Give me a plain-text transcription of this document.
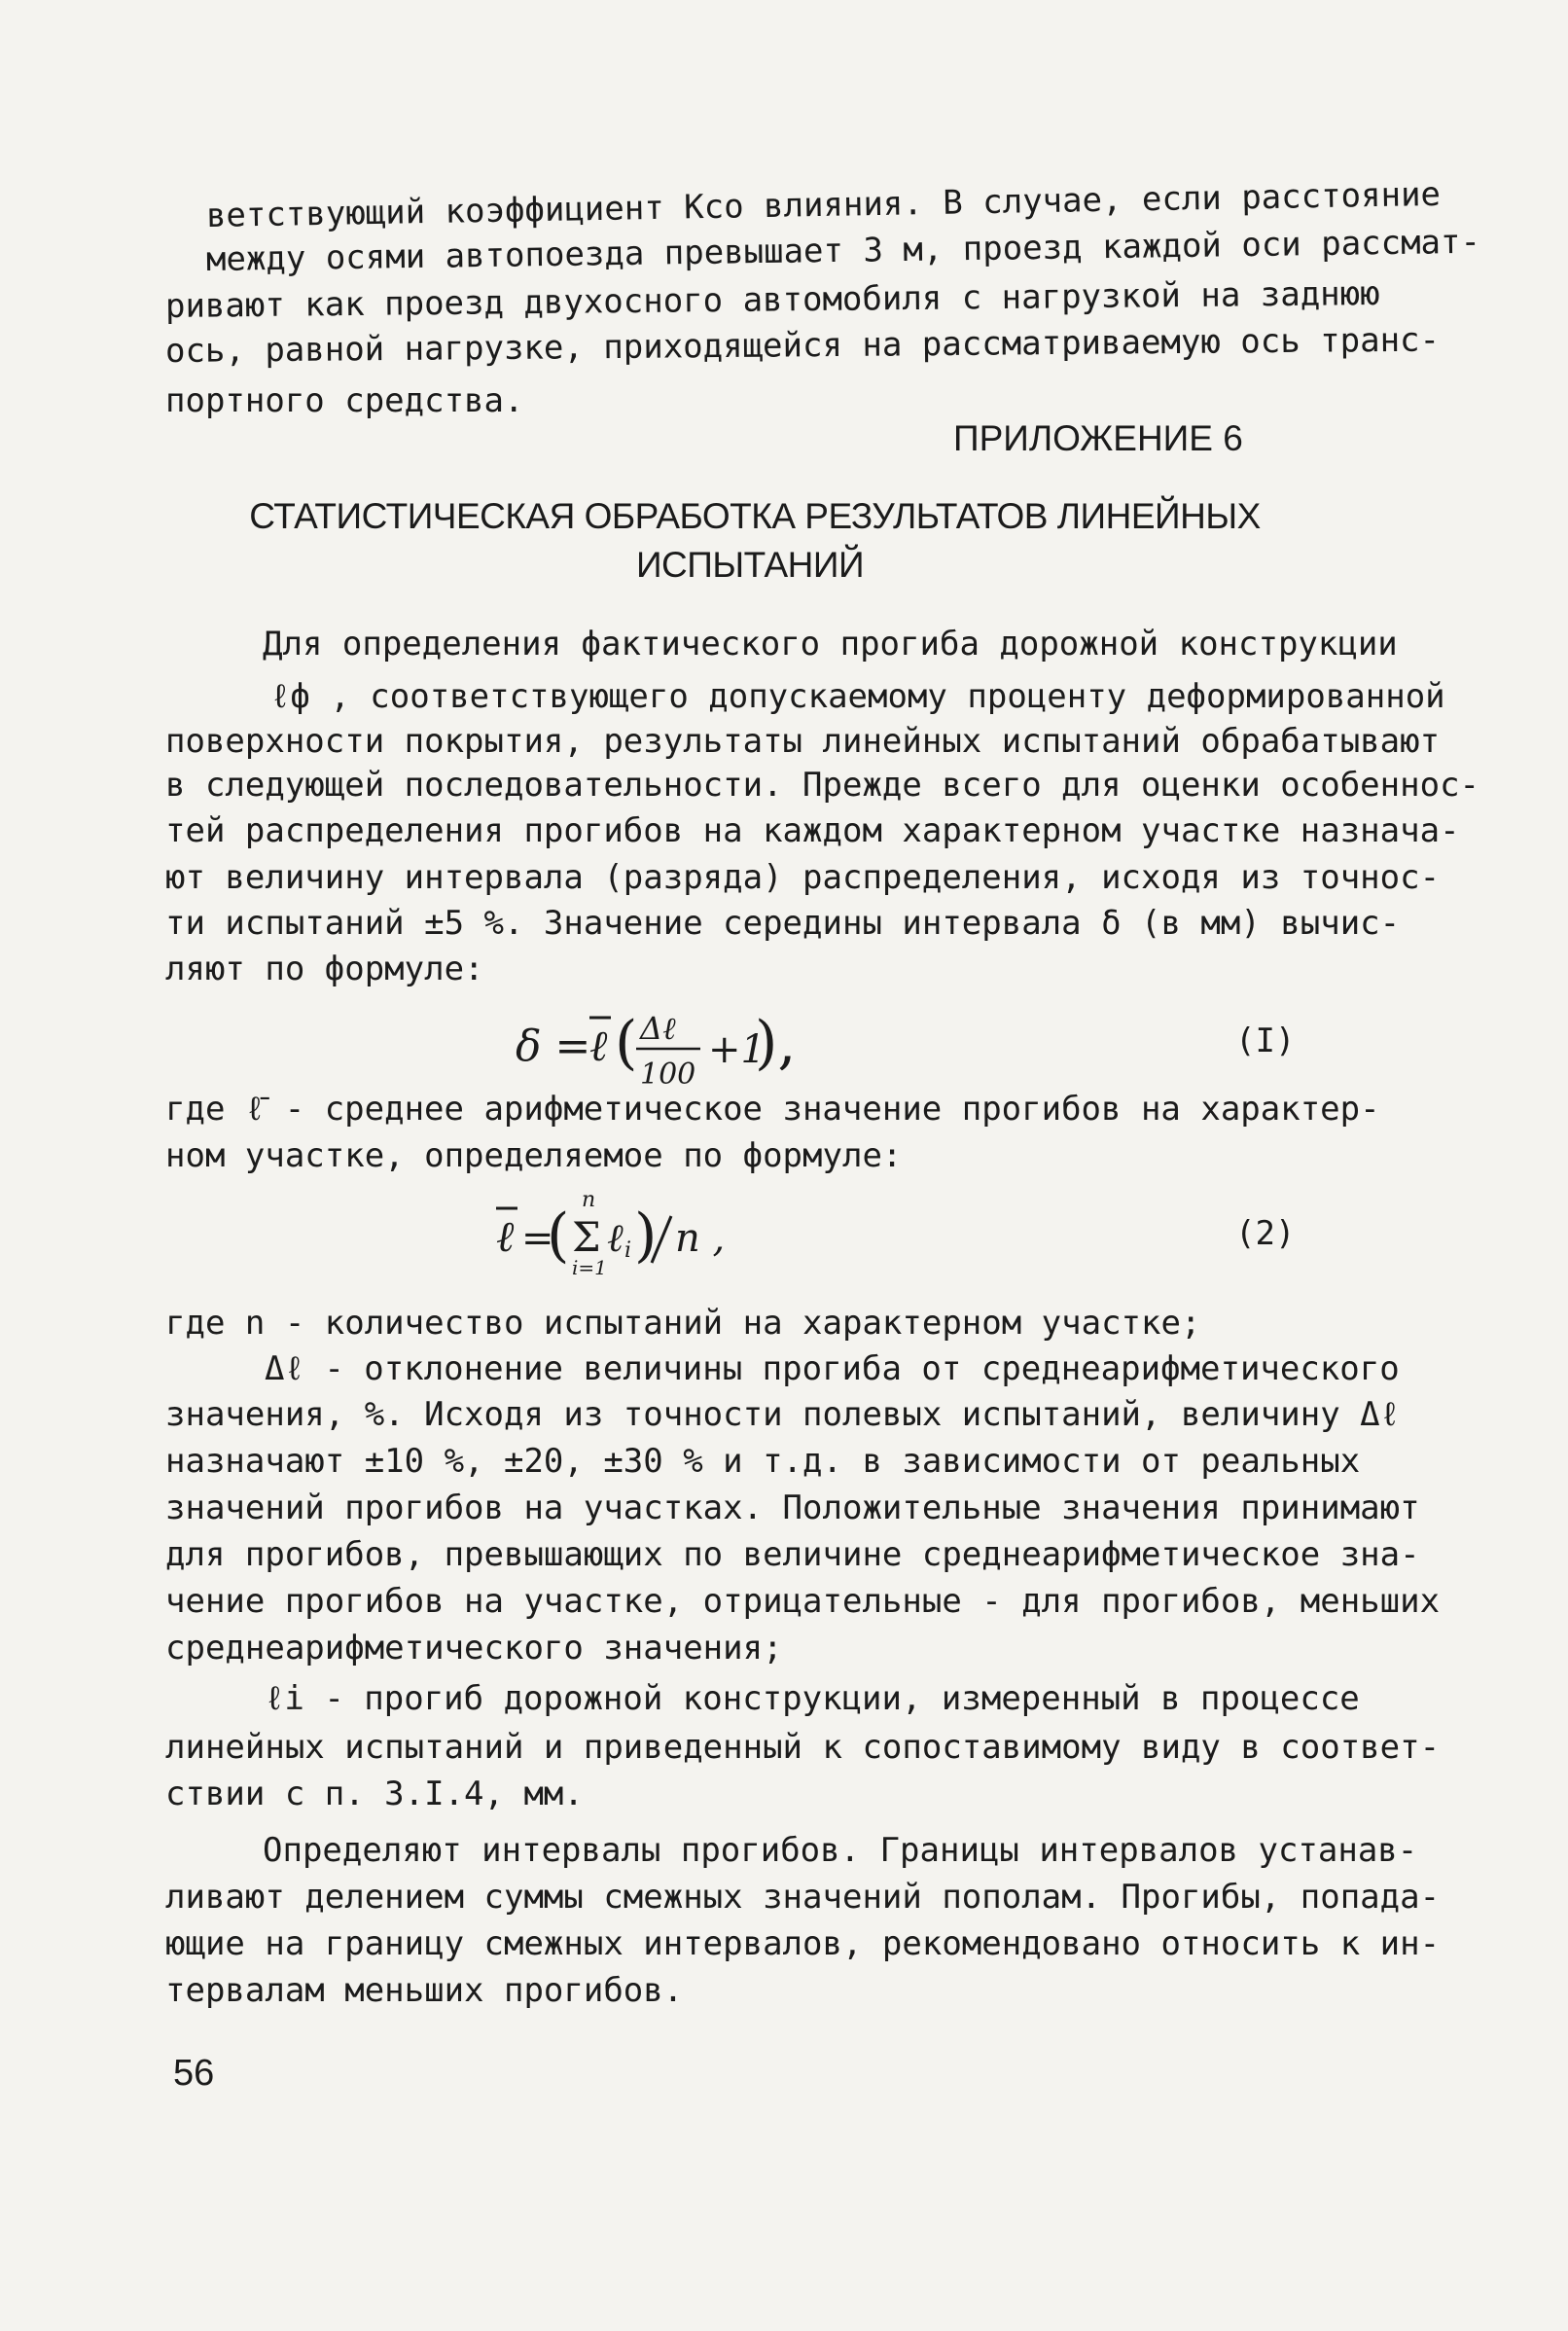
ветствующий коэффициент Kсо влияния. В случае, если расстояние

между осями автопоезда превышает 3 м, проезд каждой оси рассмат-

ривают как проезд двухосного автомобиля с нагрузкой на заднюю

ось, равной нагрузке, приходящейся на рассматриваемую ось транс-

портного средства.

ПРИЛОЖЕНИЕ 6

СТАТИСТИЧЕСКАЯ ОБРАБОТКА РЕЗУЛЬТАТОВ ЛИНЕЙНЫХ

ИСПЫТАНИЙ

Для определения фактического прогиба дорожной конструкции

ℓф , соответствующего допускаемому проценту деформированной

поверхности покрытия, результаты линейных испытаний обрабатывают

в следующей последовательности. Прежде всего для оценки особеннос-

тей распределения прогибов на каждом характерном участке назнача-

ют величину интервала (разряда) распределения, исходя из точнос-

ти испытаний ±5 %. Значение середины интервала δ (в мм) вычис-

ляют по формуле:

δ =
ℓ ( Δℓ
100
+1
),	(I)

где ℓ̄ - среднее арифметическое значение прогибов на характер-

ном участке, определяемое по формуле:

ℓ =
(
n
Σ
i=1
ℓ i ) n ,	(2)

где n - количество испытаний на характерном участке;

Δℓ - отклонение величины прогиба от среднеарифметического

значения, %. Исходя из точности полевых испытаний, величину Δℓ

назначают ±10 %, ±20, ±30 % и т.д. в зависимости от реальных

значений прогибов на участках. Положительные значения принимают

для прогибов, превышающих по величине среднеарифметическое зна-

чение прогибов на участке, отрицательные - для прогибов, меньших

среднеарифметического значения;

ℓi - прогиб дорожной конструкции, измеренный в процессе

линейных испытаний и приведенный к сопоставимому виду в соответ-

ствии с п. 3.I.4, мм.

Определяют интервалы прогибов. Границы интервалов устанав-

ливают делением суммы смежных значений пополам. Прогибы, попада-

ющие на границу смежных интервалов, рекомендовано относить к ин-

тервалам меньших прогибов.

56
